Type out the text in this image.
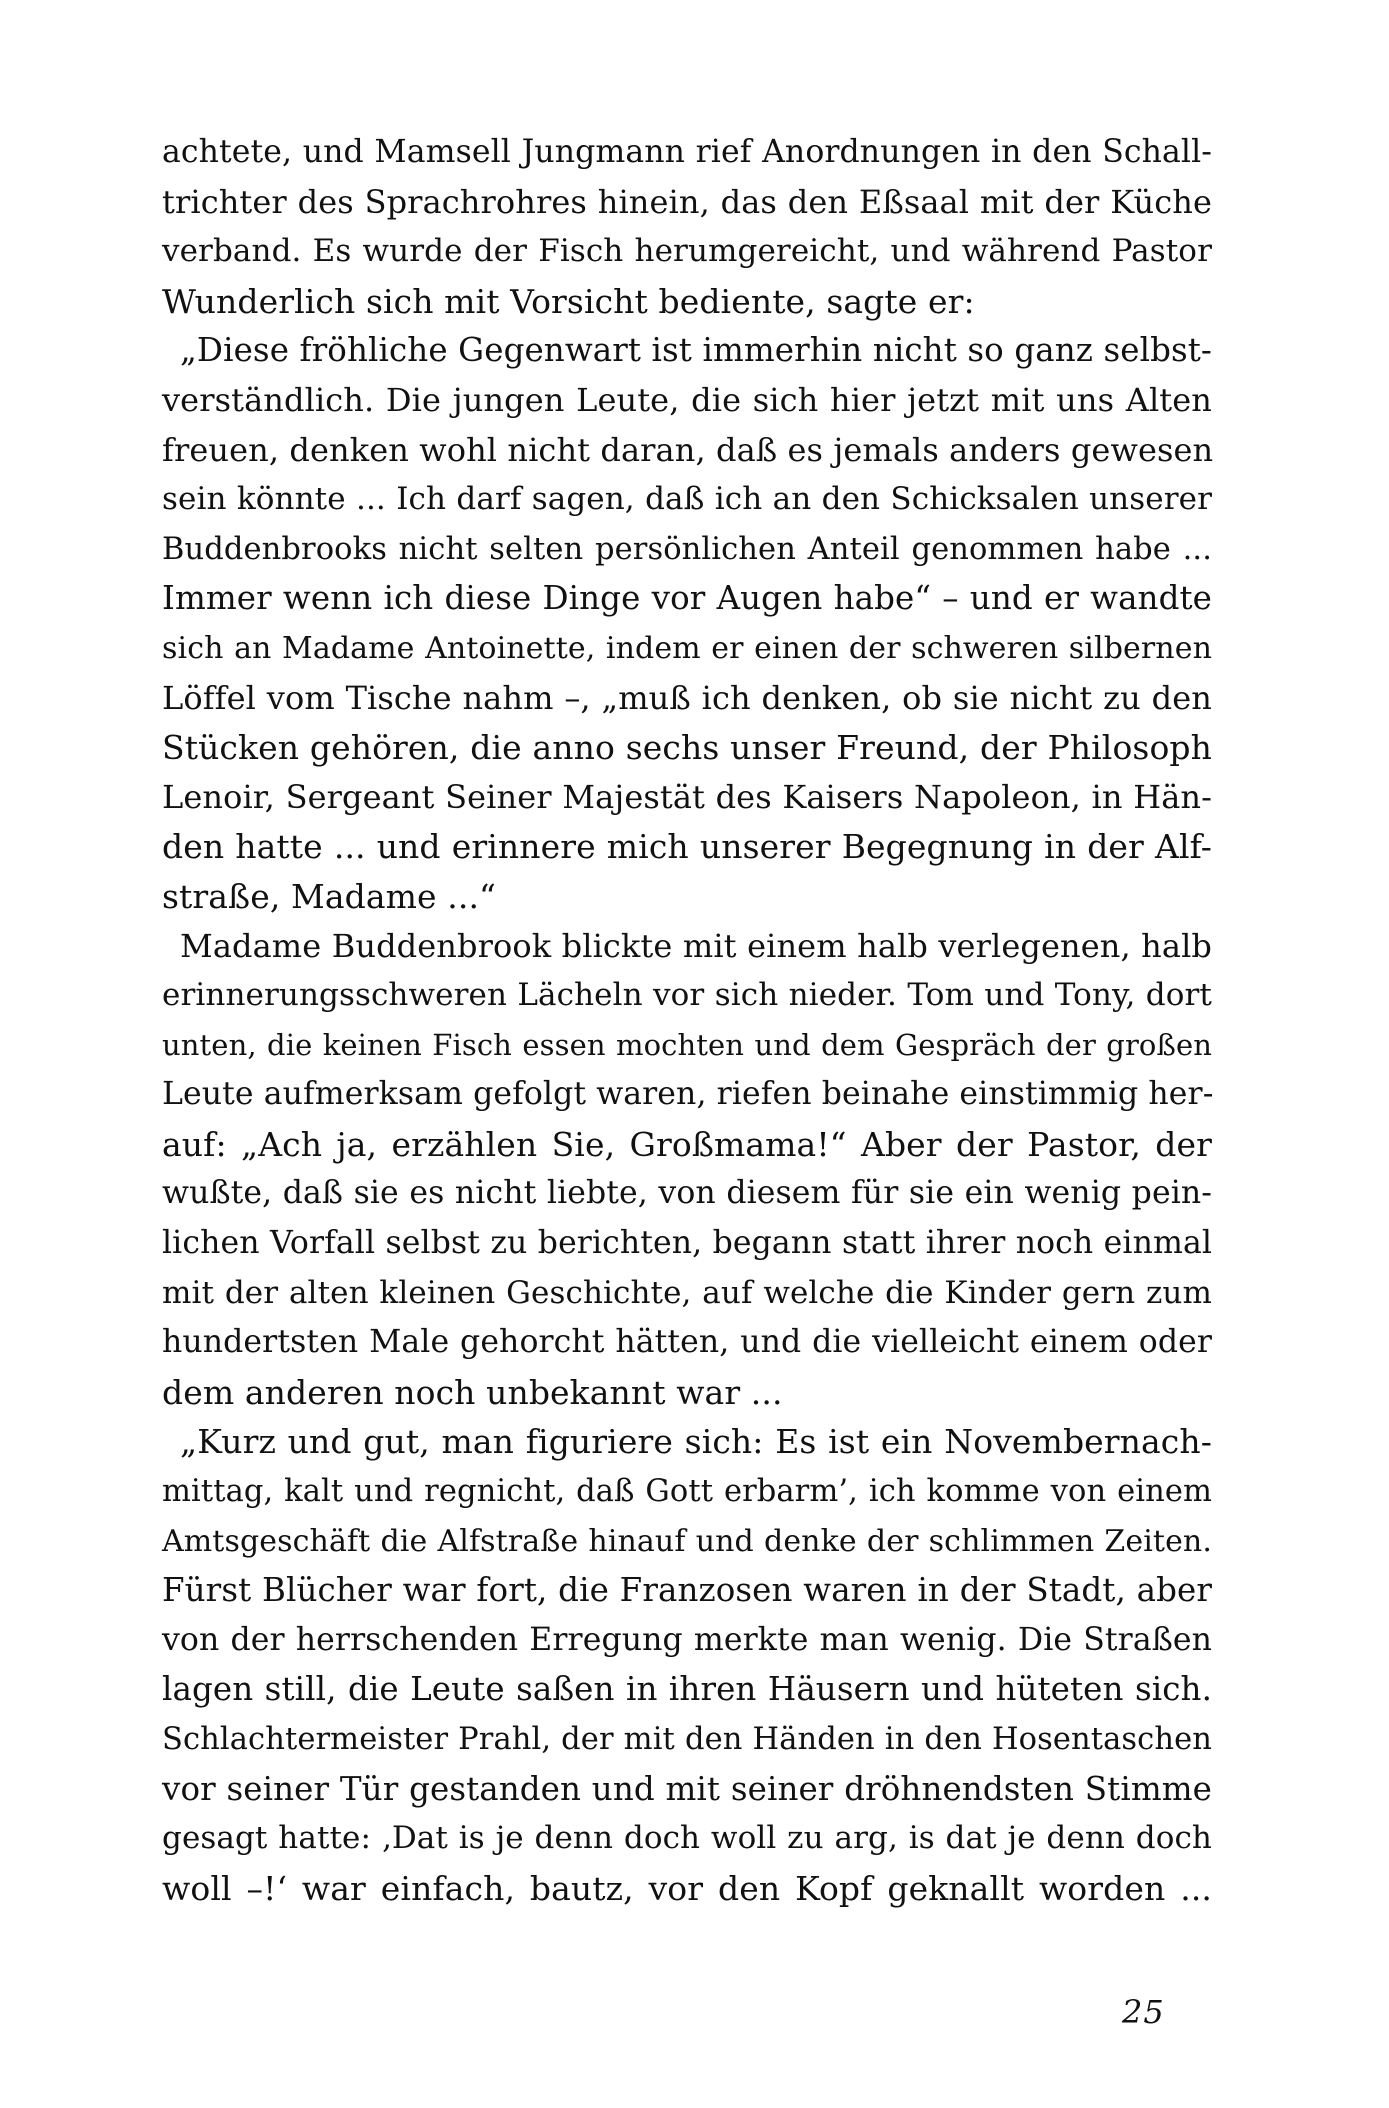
achtete, und Mamsell Jungmann rief Anordnungen in den Schall-
trichter des Sprachrohres hinein, das den Eßsaal mit der Küche
verband. Es wurde der Fisch herumgereicht, und während Pastor
Wunderlich sich mit Vorsicht bediente, sagte er:
„Diese fröhliche Gegenwart ist immerhin nicht so ganz selbst-
verständlich. Die jungen Leute, die sich hier jetzt mit uns Alten
freuen, denken wohl nicht daran, daß es jemals anders gewesen
sein könnte ... Ich darf sagen, daß ich an den Schicksalen unserer
Buddenbrooks nicht selten persönlichen Anteil genommen habe ...
Immer wenn ich diese Dinge vor Augen habe“ – und er wandte
sich an Madame Antoinette, indem er einen der schweren silbernen
Löffel vom Tische nahm –, „muß ich denken, ob sie nicht zu den
Stücken gehören, die anno sechs unser Freund, der Philosoph
Lenoir, Sergeant Seiner Majestät des Kaisers Napoleon, in Hän-
den hatte ... und erinnere mich unserer Begegnung in der Alf-
straße, Madame ...“
Madame Buddenbrook blickte mit einem halb verlegenen, halb
erinnerungsschweren Lächeln vor sich nieder. Tom und Tony, dort
unten, die keinen Fisch essen mochten und dem Gespräch der großen
Leute aufmerksam gefolgt waren, riefen beinahe einstimmig her-
auf: „Ach ja, erzählen Sie, Großmama!“ Aber der Pastor, der
wußte, daß sie es nicht liebte, von diesem für sie ein wenig pein-
lichen Vorfall selbst zu berichten, begann statt ihrer noch einmal
mit der alten kleinen Geschichte, auf welche die Kinder gern zum
hundertsten Male gehorcht hätten, und die vielleicht einem oder
dem anderen noch unbekannt war ...
„Kurz und gut, man figuriere sich: Es ist ein Novembernach-
mittag, kalt und regnicht, daß Gott erbarm’, ich komme von einem
Amtsgeschäft die Alfstraße hinauf und denke der schlimmen Zeiten.
Fürst Blücher war fort, die Franzosen waren in der Stadt, aber
von der herrschenden Erregung merkte man wenig. Die Straßen
lagen still, die Leute saßen in ihren Häusern und hüteten sich.
Schlachtermeister Prahl, der mit den Händen in den Hosentaschen
vor seiner Tür gestanden und mit seiner dröhnendsten Stimme
gesagt hatte: ‚Dat is je denn doch woll zu arg, is dat je denn doch
woll –!‘ war einfach, bautz, vor den Kopf geknallt worden ...
25
